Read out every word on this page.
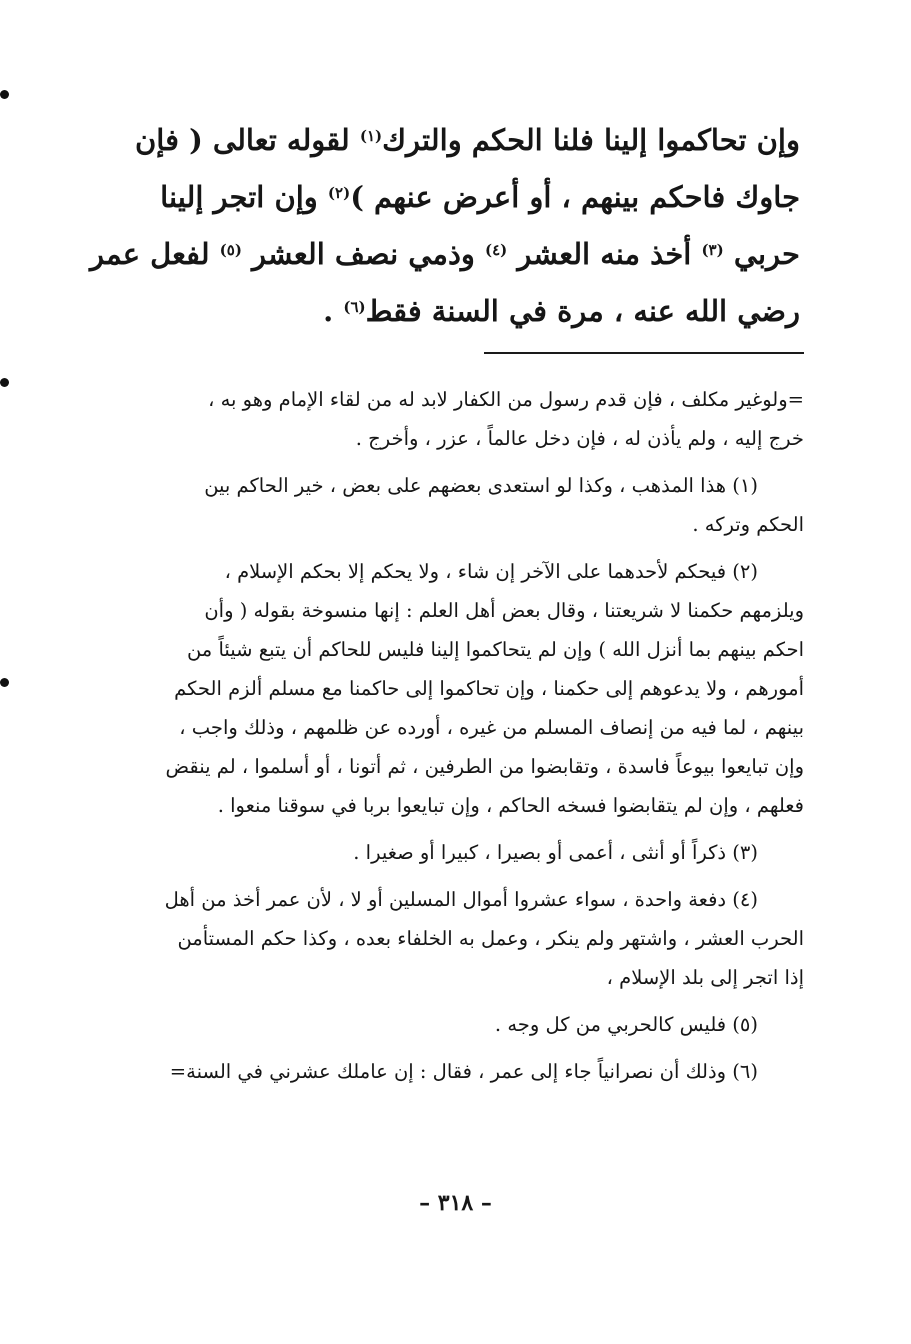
وإن تحاكموا إلينا فلنا الحكم والترك$^{(١)}$ لقوله تعالى ( فإن
جاوك فاحكم بينهم ، أو أعرض عنهم )$^{(٢)}$ وإن اتجر إلينا
حربي $^{(٣)}$ أخذ منه العشر $^{(٤)}$ وذمي نصف العشر $^{(٥)}$ لفعل عمر
رضي الله عنه ، مرة في السنة فقط$^{(٦)}$ .
=ولوغير مكلف ، فإن قدم رسول من الكفار لابد له من لقاء الإمام وهو به ،
خرج إليه ، ولم يأذن له ، فإن دخل عالماً ، عزر ، وأخرج .
(١) هذا المذهب ، وكذا لو استعدى بعضهم على بعض ، خير الحاكم بين
الحكم وتركه .
(٢) فيحكم لأحدهما على الآخر إن شاء ، ولا يحكم إلا بحكم الإسلام ،
ويلزمهم حكمنا لا شريعتنا ، وقال بعض أهل العلم : إنها منسوخة بقوله ( وأن
احكم بينهم بما أنزل الله ) وإن لم يتحاكموا إلينا فليس للحاكم أن يتبع شيئاً من
أمورهم ، ولا يدعوهم إلى حكمنا ، وإن تحاكموا إلى حاكمنا مع مسلم ألزم الحكم
بينهم ، لما فيه من إنصاف المسلم من غيره ، أورده عن ظلمهم ، وذلك واجب ،
وإن تبايعوا بيوعاً فاسدة ، وتقابضوا من الطرفين ، ثم أتونا ، أو أسلموا ، لم ينقض
فعلهم ، وإن لم يتقابضوا فسخه الحاكم ، وإن تبايعوا بربا في سوقنا منعوا .
(٣) ذكراً أو أنثى ، أعمى أو بصيرا ، كبيرا أو صغيرا .
(٤) دفعة واحدة ، سواء عشروا أموال المسلين أو لا ، لأن عمر أخذ من أهل
الحرب العشر ، واشتهر ولم ينكر ، وعمل به الخلفاء بعده ، وكذا حكم المستأمن
إذا اتجر إلى بلد الإسلام ،
(٥) فليس كالحربي من كل وجه .
(٦) وذلك أن نصرانياً جاء إلى عمر ، فقال : إن عاملك عشرني في السنة=
– ٣١٨ –
